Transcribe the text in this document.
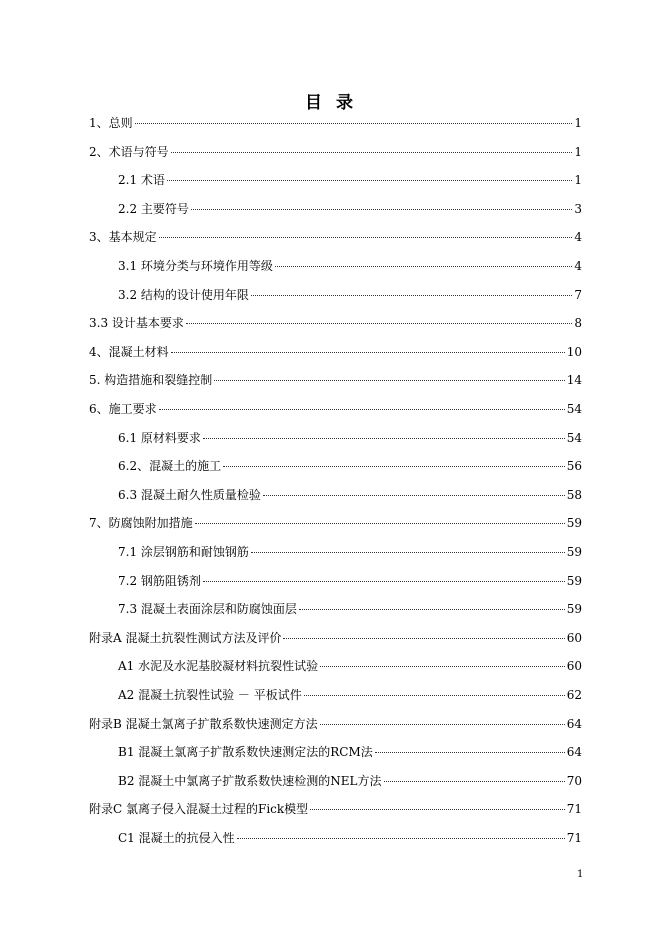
目 录
1、总则	1
2、术语与符号	1
2.1 术语	1
2.2 主要符号	3
3、基本规定	4
3.1 环境分类与环境作用等级	4
3.2 结构的设计使用年限	7
3.3 设计基本要求	8
4、混凝土材料	10
5. 构造措施和裂缝控制	14
6、施工要求	54
6.1 原材料要求	54
6.2、混凝土的施工	56
6.3 混凝土耐久性质量检验	58
7、防腐蚀附加措施	59
7.1 涂层钢筋和耐蚀钢筋	59
7.2 钢筋阻锈剂	59
7.3 混凝土表面涂层和防腐蚀面层	59
附录A 混凝土抗裂性测试方法及评价	60
A1 水泥及水泥基胶凝材料抗裂性试验	60
A2 混凝土抗裂性试验 － 平板试件	62
附录B 混凝土氯离子扩散系数快速测定方法	64
B1 混凝土氯离子扩散系数快速测定法的RCM法	64
B2 混凝土中氯离子扩散系数快速检测的NEL方法	70
附录C 氯离子侵入混凝土过程的Fick模型	71
C1 混凝土的抗侵入性	71
1
